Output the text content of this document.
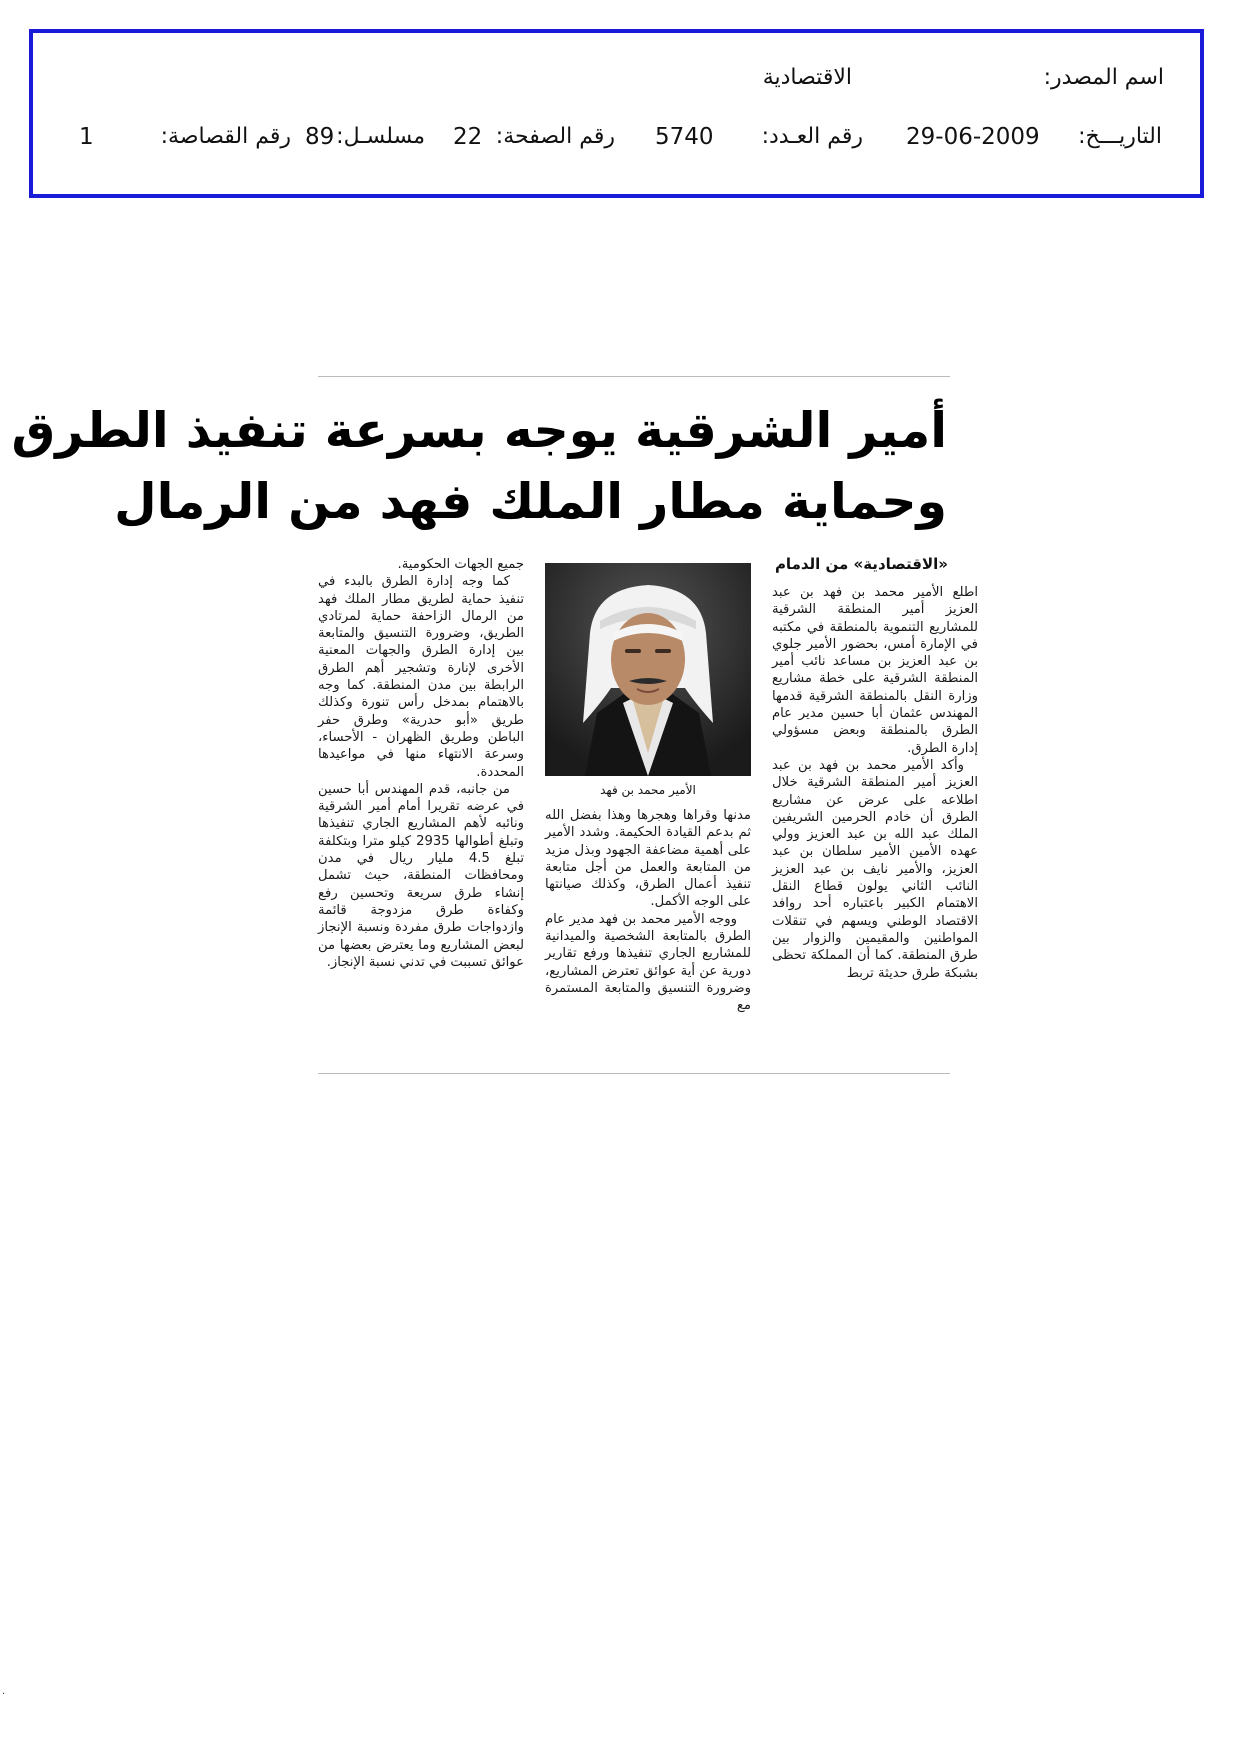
اسم المصدر:
الاقتصادية
التاريـــخ:
29-06-2009
رقم العـدد:
5740
رقم الصفحة:
22
مسلسـل:
89
رقم القصاصة:
1
أمير الشرقية يوجه بسرعة تنفيذ الطرق
وحماية مطار الملك فهد من الرمال
«الاقتصادية» من الدمام

اطلع الأمير محمد بن فهد بن عبد العزيز أمير المنطقة الشرقية للمشاريع التنموية بالمنطقة في مكتبه في الإمارة أمس، بحضور الأمير جلوي بن عبد العزيز بن مساعد نائب أمير المنطقة الشرقية على خطة مشاريع وزارة النقل بالمنطقة الشرقية قدمها المهندس عثمان أبا حسين مدير عام الطرق بالمنطقة وبعض مسؤولي إدارة الطرق.

وأكد الأمير محمد بن فهد بن عبد العزيز أمير المنطقة الشرقية خلال اطلاعه على عرض عن مشاريع الطرق أن خادم الحرمين الشريفين الملك عبد الله بن عبد العزيز وولي عهده الأمين الأمير سلطان بن عبد العزيز، والأمير نايف بن عبد العزيز النائب الثاني يولون قطاع النقل الاهتمام الكبير باعتباره أحد روافد الاقتصاد الوطني ويسهم في تنقلات المواطنين والمقيمين والزوار بين طرق المنطقة. كما أن المملكة تحظى بشبكة طرق حديثة تربط

الأمير محمد بن فهد

مدنها وقراها وهجرها وهذا بفضل الله ثم بدعم القيادة الحكيمة. وشدد الأمير على أهمية مضاعفة الجهود وبذل مزيد من المتابعة والعمل من أجل متابعة تنفيذ أعمال الطرق، وكذلك صيانتها على الوجه الأكمل.

ووجه الأمير محمد بن فهد مدير عام الطرق بالمتابعة الشخصية والميدانية للمشاريع الجاري تنفيذها ورفع تقارير دورية عن أية عوائق تعترض المشاريع، وضرورة التنسيق والمتابعة المستمرة مع

جميع الجهات الحكومية.

كما وجه إدارة الطرق بالبدء في تنفيذ حماية لطريق مطار الملك فهد من الرمال الزاحفة حماية لمرتادي الطريق، وضرورة التنسيق والمتابعة بين إدارة الطرق والجهات المعنية الأخرى لإنارة وتشجير أهم الطرق الرابطة بين مدن المنطقة. كما وجه بالاهتمام بمدخل رأس تنورة وكذلك طريق «أبو حدرية» وطرق حفر الباطن وطريق الظهران - الأحساء، وسرعة الانتهاء منها في مواعيدها المحددة.

من جانبه، قدم المهندس أبا حسين في عرضه تقريرا أمام أمير الشرقية ونائبه لأهم المشاريع الجاري تنفيذها وتبلغ أطوالها 2935 كيلو مترا وبتكلفة تبلغ 4.5 مليار ريال في مدن ومحافظات المنطقة، حيث تشمل إنشاء طرق سريعة وتحسين رفع وكفاءة طرق مزدوجة قائمة وازدواجات طرق مفردة ونسبة الإنجاز لبعض المشاريع وما يعترض بعضها من عوائق تسببت في تدني نسبة الإنجاز.

.
